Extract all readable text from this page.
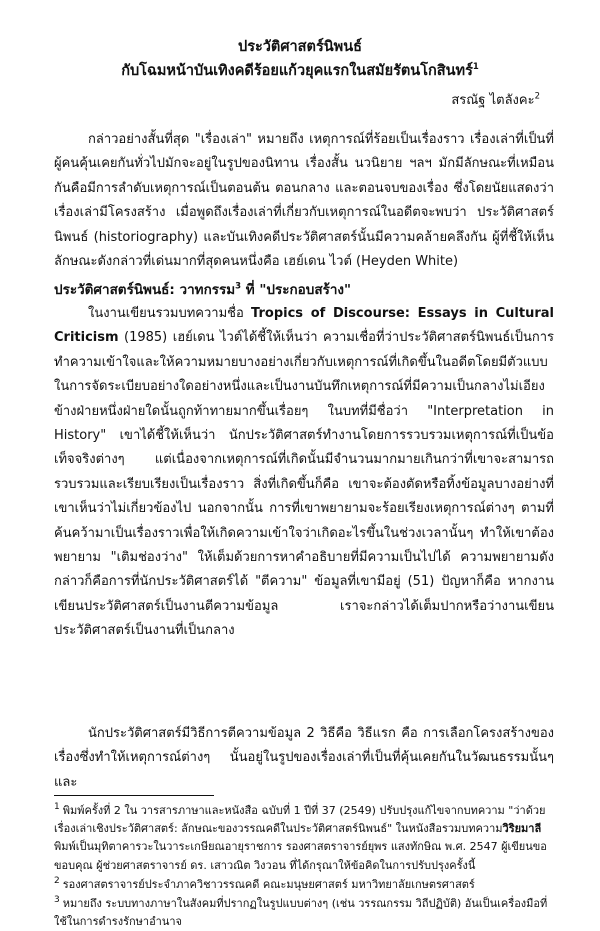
ประวัติศาสตร์นิพนธ์
กับโฉมหน้าบันเทิงคดีร้อยแก้วยุคแรกในสมัยรัตนโกสินทร์$^1$
สรณัฐ ไตลังคะ$^2$
กล่าวอย่างสั้นที่สุด "เรื่องเล่า" หมายถึง เหตุการณ์ที่ร้อยเป็นเรื่องราว เรื่องเล่าที่เป็นที่ผู้คนคุ้นเคยกันทั่วไปมักจะอยู่ในรูปของนิทาน เรื่องสั้น นวนิยาย ฯลฯ มักมีลักษณะที่เหมือนกันคือมีการลำดับเหตุการณ์เป็นตอนต้น ตอนกลาง และตอนจบของเรื่อง ซึ่งโดยนัยแสดงว่าเรื่องเล่ามีโครงสร้าง เมื่อพูดถึงเรื่องเล่าที่เกี่ยวกับเหตุการณ์ในอดีตจะพบว่า ประวัติศาสตร์นิพนธ์ (historiography) และบันเทิงคดีประวัติศาสตร์นั้นมีความคล้ายคลึงกัน ผู้ที่ชี้ให้เห็นลักษณะดังกล่าวที่เด่นมากที่สุดคนหนึ่งคือ เฮย์เดน ไวต์ (Heyden White)
ประวัติศาสตร์นิพนธ์: วาทกรรม$^3$ ที่ "ประกอบสร้าง"
ในงานเขียนรวมบทความชื่อ Tropics of Discourse: Essays in Cultural Criticism (1985) เฮย์เดน ไวต์ได้ชี้ให้เห็นว่า ความเชื่อที่ว่าประวัติศาสตร์นิพนธ์เป็นการทำความเข้าใจและให้ความหมายบางอย่างเกี่ยวกับเหตุการณ์ที่เกิดขึ้นในอดีตโดยมีตัวแบบในการจัดระเบียบอย่างใดอย่างหนึ่งและเป็นงานบันทึกเหตุการณ์ที่มีความเป็นกลางไม่เอียงข้างฝ่ายหนึ่งฝ่ายใดนั้นถูกท้าทายมากขึ้นเรื่อยๆ ในบทที่มีชื่อว่า "Interpretation in History" เขาได้ชี้ให้เห็นว่า นักประวัติศาสตร์ทำงานโดยการรวบรวมเหตุการณ์ที่เป็นข้อเท็จจริงต่างๆ แต่เนื่องจากเหตุการณ์ที่เกิดนั้นมีจำนวนมากมายเกินกว่าที่เขาจะสามารถรวบรวมและเรียบเรียงเป็นเรื่องราว สิ่งที่เกิดขึ้นก็คือ เขาจะต้องตัดหรือทิ้งข้อมูลบางอย่างที่เขาเห็นว่าไม่เกี่ยวข้องไป นอกจากนั้น การที่เขาพยายามจะร้อยเรียงเหตุการณ์ต่างๆ ตามที่ค้นคว้ามาเป็นเรื่องราวเพื่อให้เกิดความเข้าใจว่าเกิดอะไรขึ้นในช่วงเวลานั้นๆ ทำให้เขาต้องพยายาม "เติมช่องว่าง" ให้เต็มด้วยการหาคำอธิบายที่มีความเป็นไปได้ ความพยายามดังกล่าวก็คือการที่นักประวัติศาสตร์ได้ "ตีความ" ข้อมูลที่เขามีอยู่ (51) ปัญหาก็คือ หากงานเขียนประวัติศาสตร์เป็นงานตีความข้อมูล เราจะกล่าวได้เต็มปากหรือว่างานเขียนประวัติศาสตร์เป็นงานที่เป็นกลาง
นักประวัติศาสตร์มีวิธีการตีความข้อมูล 2 วิธีคือ วิธีแรก คือ การเลือกโครงสร้างของเรื่องซึ่งทำให้เหตุการณ์ต่างๆ นั้นอยู่ในรูปของเรื่องเล่าที่เป็นที่คุ้นเคยกันในวัฒนธรรมนั้นๆ และ
$^1$ พิมพ์ครั้งที่ 2 ใน วารสารภาษาและหนังสือ ฉบับที่ 1 ปีที่ 37 (2549) ปรับปรุงแก้ไขจากบทความ "ว่าด้วยเรื่องเล่าเชิงประวัติศาสตร์: ลักษณะของวรรณคดีในประวัติศาสตร์นิพนธ์" ในหนังสือรวมบทความวิริยมาลี พิมพ์เป็นมุทิตาคารวะในวาระเกษียณอายุราชการ รองศาสตราจารย์ยุพร แสงทักษิณ พ.ศ. 2547 ผู้เขียนขอขอบคุณ ผู้ช่วยศาสตราจารย์ ดร. เสาวณิต วิงวอน ที่ได้กรุณาให้ข้อคิดในการปรับปรุงครั้งนี้
$^2$ รองศาสตราจารย์ประจำภาควิชาวรรณคดี คณะมนุษยศาสตร์ มหาวิทยาลัยเกษตรศาสตร์
$^3$ หมายถึง ระบบทางภาษาในสังคมที่ปรากฏในรูปแบบต่างๆ (เช่น วรรณกรรม วิถีปฏิบัติ) อันเป็นเครื่องมือที่ใช้ในการดำรงรักษาอำนาจ
